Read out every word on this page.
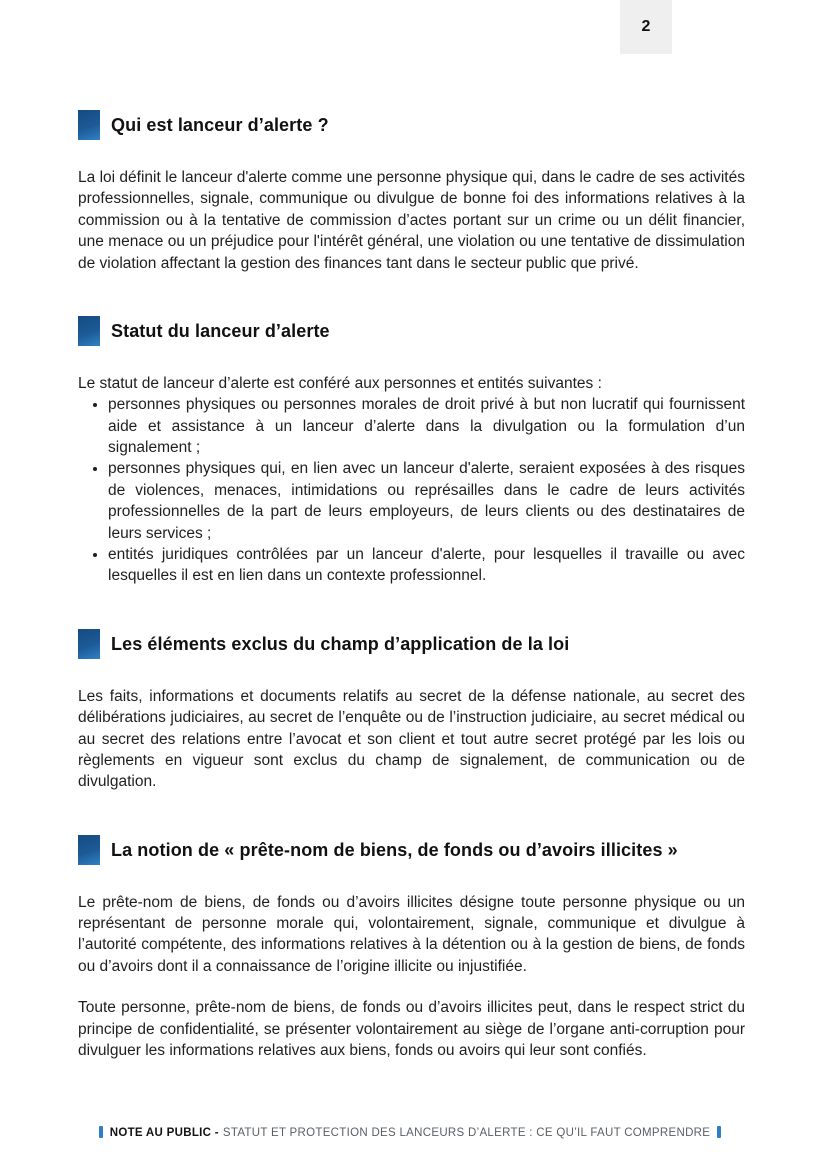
2
Qui est lanceur d’alerte ?

La loi définit le lanceur d'alerte comme une personne physique qui, dans le cadre de ses activités professionnelles, signale, communique ou divulgue de bonne foi des informations relatives à la commission ou à la tentative de commission d’actes portant sur un crime ou un délit financier, une menace ou un préjudice pour l'intérêt général, une violation ou une tentative de dissimulation de violation affectant la gestion des finances tant dans le secteur public que privé.

Statut du lanceur d’alerte

Le statut de lanceur d’alerte est conféré aux personnes et entités suivantes :

• personnes physiques ou personnes morales de droit privé à but non lucratif qui fournissent aide et assistance à un lanceur d’alerte dans la divulgation ou la formulation d’un signalement ;
• personnes physiques qui, en lien avec un lanceur d'alerte, seraient exposées à des risques de violences, menaces, intimidations ou représailles dans le cadre de leurs activités professionnelles de la part de leurs employeurs, de leurs clients ou des destinataires de leurs services ;
• entités juridiques contrôlées par un lanceur d'alerte, pour lesquelles il travaille ou avec lesquelles il est en lien dans un contexte professionnel.
Les éléments exclus du champ d’application de la loi

Les faits, informations et documents relatifs au secret de la défense nationale, au secret des délibérations judiciaires, au secret de l’enquête ou de l’instruction judiciaire, au secret médical ou au secret des relations entre l’avocat et son client et tout autre secret protégé par les lois ou règlements en vigueur sont exclus du champ de signalement, de communication ou de divulgation.

La notion de « prête-nom de biens, de fonds ou d’avoirs illicites »

Le prête-nom de biens, de fonds ou d’avoirs illicites désigne toute personne physique ou un représentant de personne morale qui, volontairement, signale, communique et divulgue à l’autorité compétente, des informations relatives à la détention ou à la gestion de biens, de fonds ou d’avoirs dont il a connaissance de l’origine illicite ou injustifiée.

Toute personne, prête-nom de biens, de fonds ou d’avoirs illicites peut, dans le respect strict du principe de confidentialité, se présenter volontairement au siège de l’organe anti-corruption pour divulguer les informations relatives aux biens, fonds ou avoirs qui leur sont confiés.

NOTE AU PUBLIC - STATUT ET PROTECTION DES LANCEURS D’ALERTE : CE QU’IL FAUT COMPRENDRE
